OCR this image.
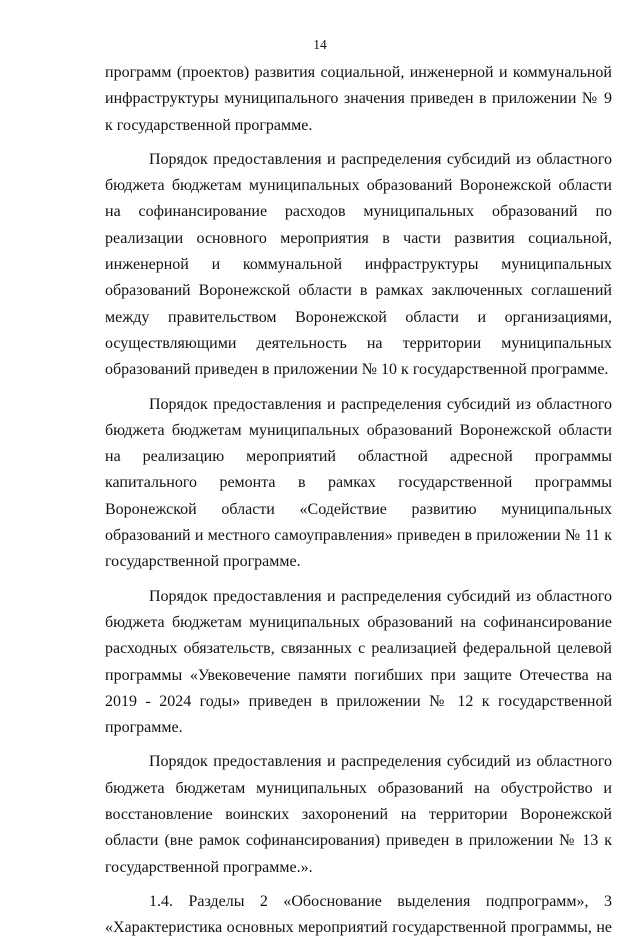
14

программ (проектов) развития социальной, инженерной и коммунальной инфраструктуры муниципального значения приведен в приложении № 9 к государственной программе.

Порядок предоставления и распределения субсидий из областного бюджета бюджетам муниципальных образований Воронежской области на софинансирование расходов муниципальных образований по реализации основного мероприятия в части развития социальной, инженерной и коммунальной инфраструктуры муниципальных образований Воронежской области в рамках заключенных соглашений между правительством Воронежской области и организациями, осуществляющими деятельность на территории муниципальных образований приведен в приложении № 10 к государственной программе.

Порядок предоставления и распределения субсидий из областного бюджета бюджетам муниципальных образований Воронежской области на реализацию мероприятий областной адресной программы капитального ремонта в рамках государственной программы Воронежской области «Содействие развитию муниципальных образований и местного самоуправления» приведен в приложении № 11 к государственной программе.

Порядок предоставления и распределения субсидий из областного бюджета бюджетам муниципальных образований на софинансирование расходных обязательств, связанных с реализацией федеральной целевой программы «Увековечение памяти погибших при защите Отечества на 2019 - 2024 годы» приведен в приложении № 12 к государственной программе.

Порядок предоставления и распределения субсидий из областного бюджета бюджетам муниципальных образований на обустройство и восстановление воинских захоронений на территории Воронежской области (вне рамок софинансирования) приведен в приложении № 13 к государственной программе.».

1.4. Разделы 2 «Обоснование выделения подпрограмм», 3 «Характеристика основных мероприятий государственной программы, не
